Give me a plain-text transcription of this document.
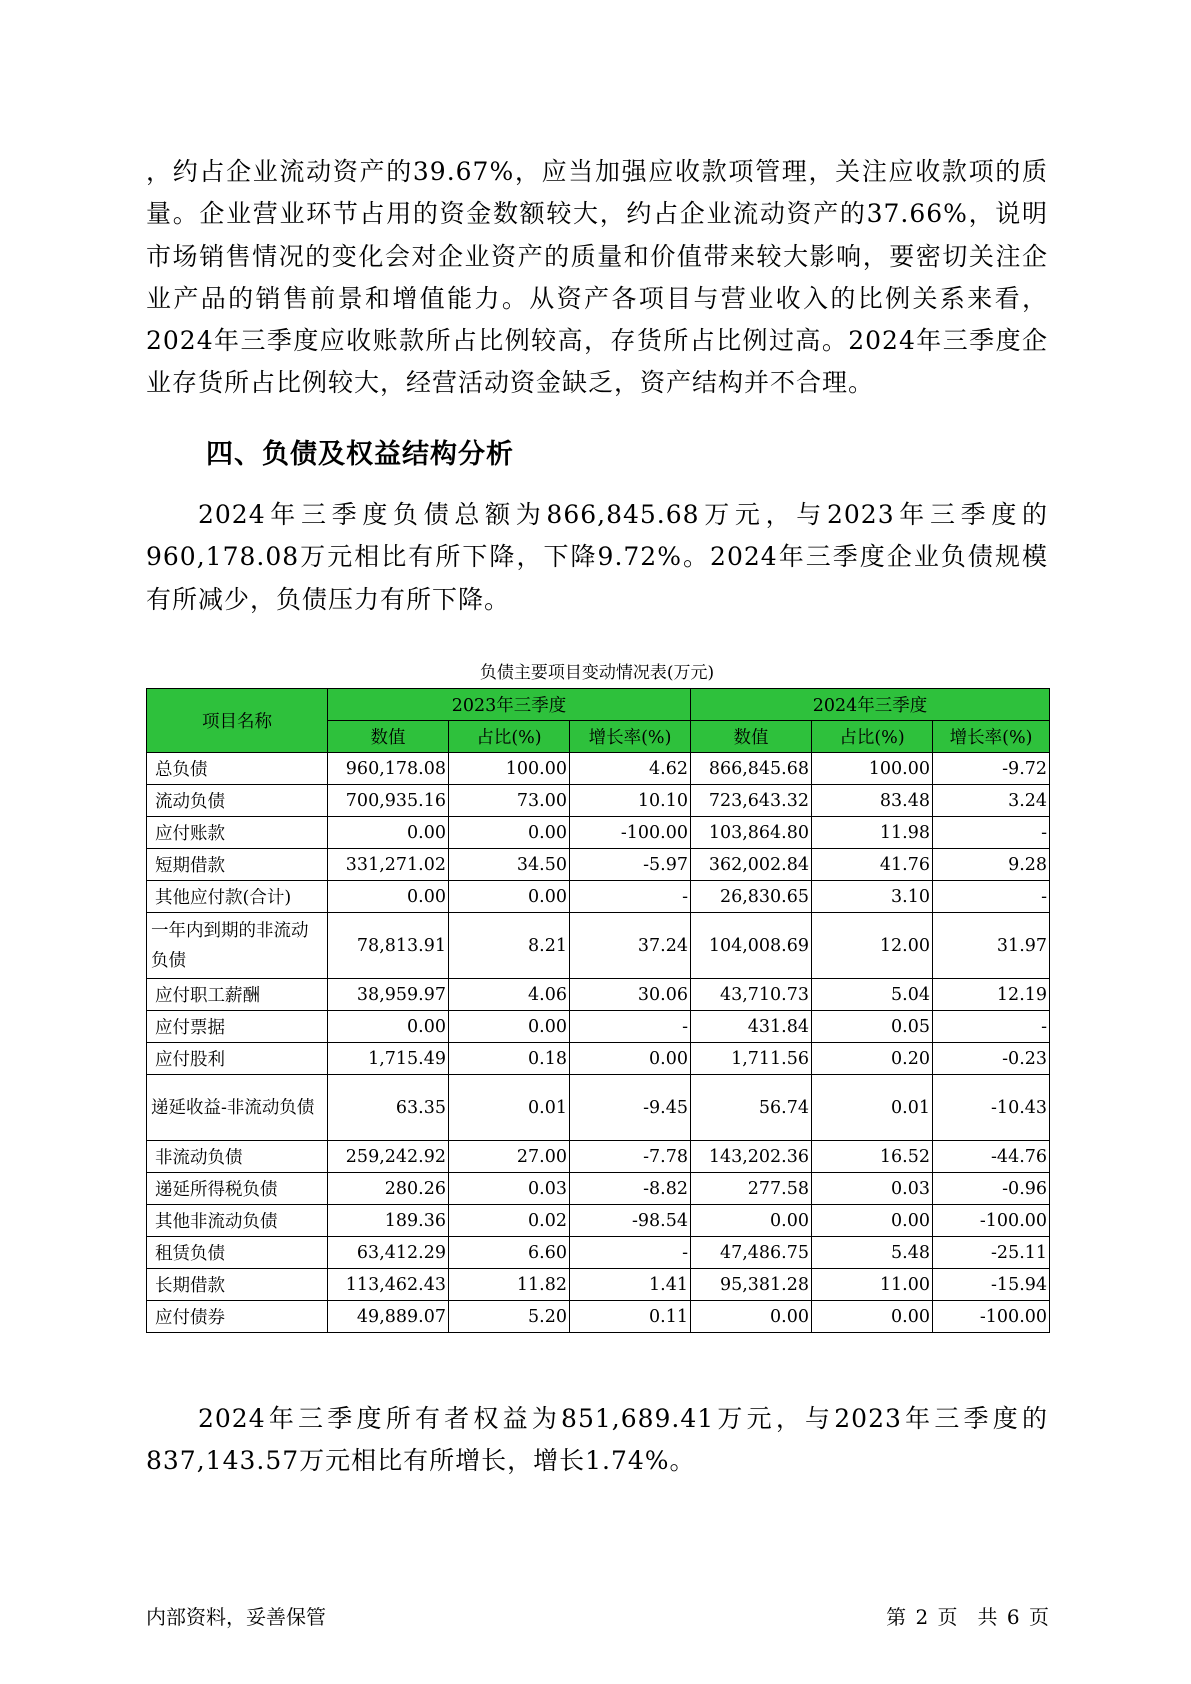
，约占企业流动资产的39.67%，应当加强应收款项管理，关注应收款项的质量。企业营业环节占用的资金数额较大，约占企业流动资产的37.66%，说明市场销售情况的变化会对企业资产的质量和价值带来较大影响，要密切关注企业产品的销售前景和增值能力。从资产各项目与营业收入的比例关系来看，2024年三季度应收账款所占比例较高，存货所占比例过高。2024年三季度企业存货所占比例较大，经营活动资金缺乏，资产结构并不合理。

四、负债及权益结构分析

2024年三季度负债总额为866,845.68万元，与2023年三季度的960,178.08万元相比有所下降，下降9.72%。2024年三季度企业负债规模有所减少，负债压力有所下降。

负债主要项目变动情况表(万元)
项目名称	2023年三季度			2024年三季度		
	数值	占比(%)	增长率(%)	数值	占比(%)	增长率(%)
总负债	960,178.08	100.00	4.62	866,845.68	100.00	-9.72
流动负债	700,935.16	73.00	10.10	723,643.32	83.48	3.24
应付账款	0.00	0.00	-100.00	103,864.80	11.98	-
短期借款	331,271.02	34.50	-5.97	362,002.84	41.76	9.28
其他应付款(合计)	0.00	0.00	-	26,830.65	3.10	-
一年内到期的非流动负债	78,813.91	8.21	37.24	104,008.69	12.00	31.97
应付职工薪酬	38,959.97	4.06	30.06	43,710.73	5.04	12.19
应付票据	0.00	0.00	-	431.84	0.05	-
应付股利	1,715.49	0.18	0.00	1,711.56	0.20	-0.23
递延收益-非流动负债	63.35	0.01	-9.45	56.74	0.01	-10.43
非流动负债	259,242.92	27.00	-7.78	143,202.36	16.52	-44.76
递延所得税负债	280.26	0.03	-8.82	277.58	0.03	-0.96
其他非流动负债	189.36	0.02	-98.54	0.00	0.00	-100.00
租赁负债	63,412.29	6.60	-	47,486.75	5.48	-25.11
长期借款	113,462.43	11.82	1.41	95,381.28	11.00	-15.94
应付债券	49,889.07	5.20	0.11	0.00	0.00	-100.00

2024年三季度所有者权益为851,689.41万元，与2023年三季度的837,143.57万元相比有所增长，增长1.74%。

内部资料，妥善保管	第 2 页　共 6 页
